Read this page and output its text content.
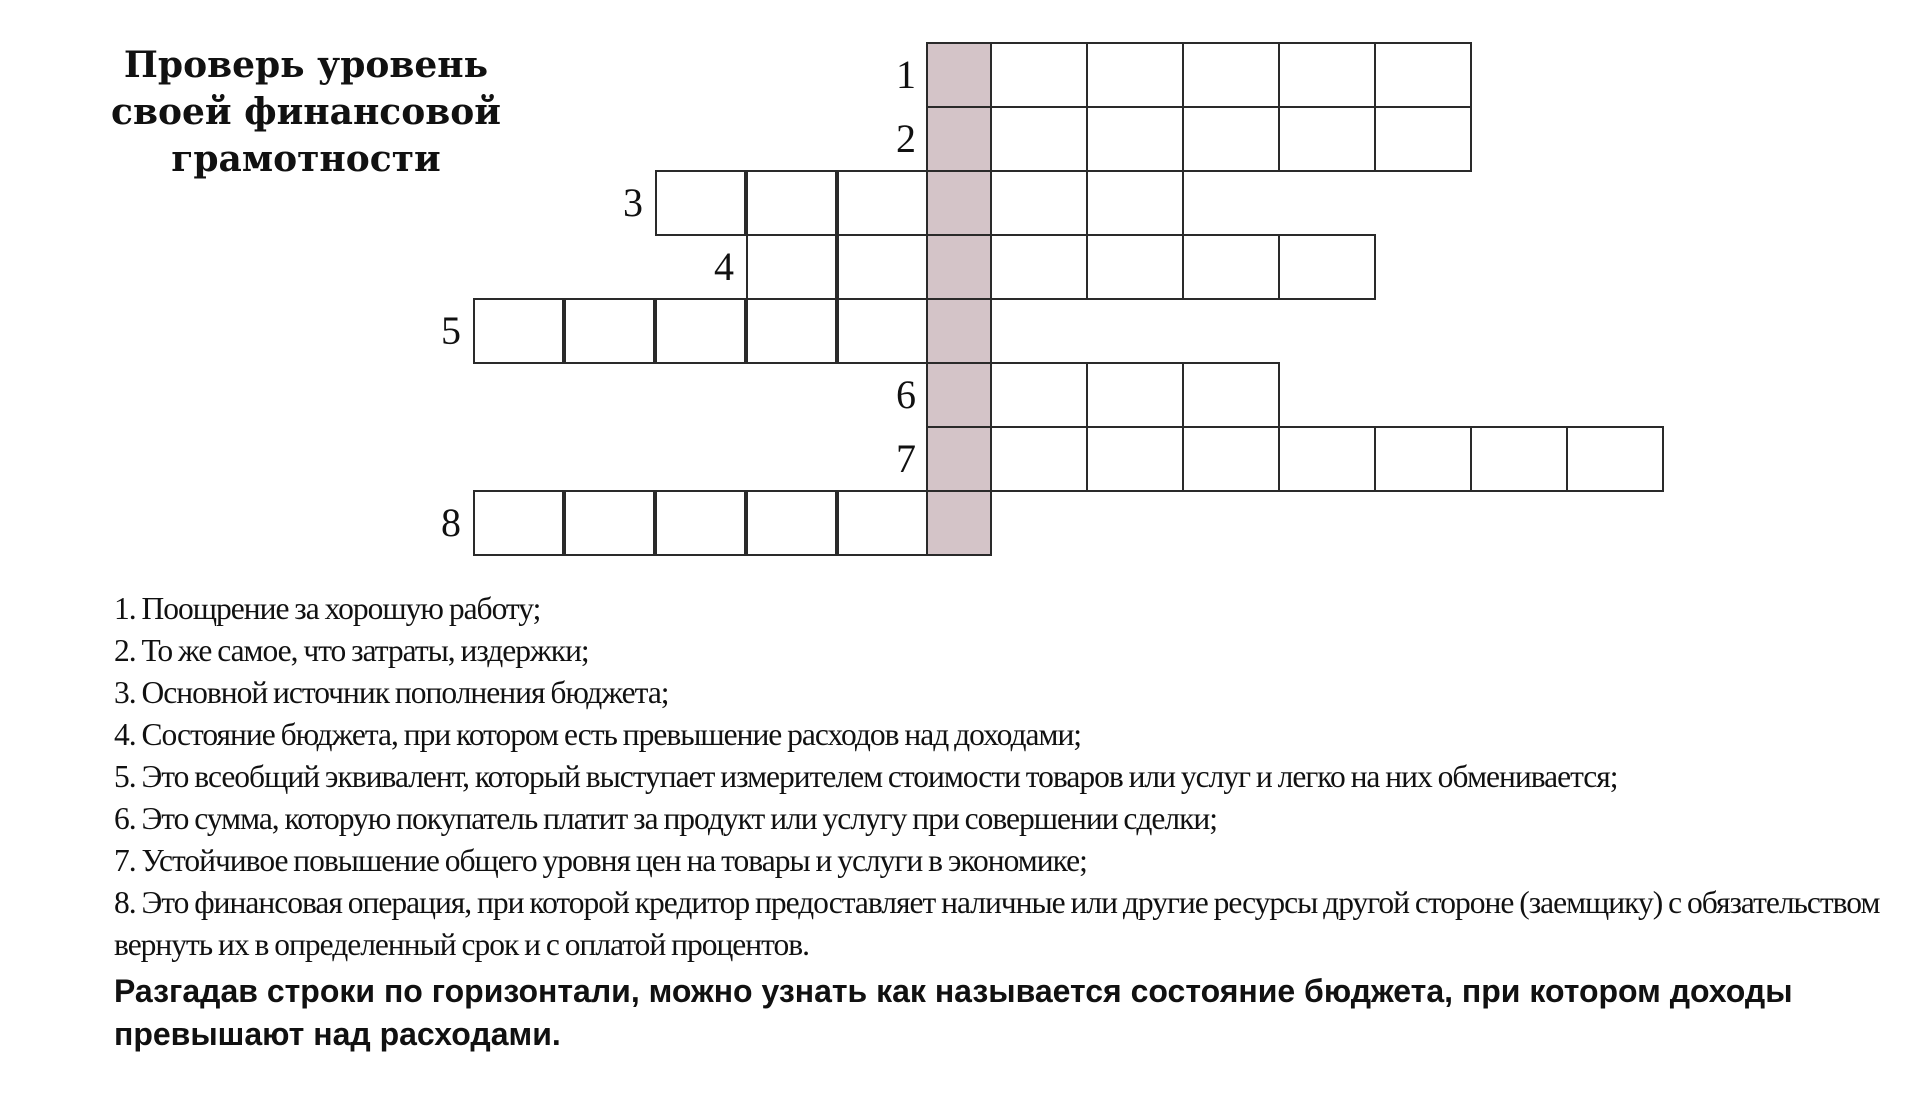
Проверь уровень
своей финансовой
грамотности
1
2
3
4
5
6
7
8
1. Поощрение за хорошую работу;
2. То же самое, что затраты, издержки;
3. Основной источник пополнения бюджета;
4. Состояние бюджета, при котором есть превышение расходов над доходами;
5. Это всеобщий эквивалент, который выступает измерителем стоимости товаров или услуг и легко на них обменивается;
6. Это сумма, которую покупатель платит за продукт или услугу при совершении сделки;
7. Устойчивое повышение общего уровня цен на товары и услуги в экономике;
8. Это финансовая операция, при которой кредитор предоставляет наличные или другие ресурсы другой стороне (заемщику) с обязательством вернуть их в определенный срок и с оплатой процентов.
Разгадав строки по горизонтали, можно узнать как называется состояние бюджета, при котором доходы превышают над расходами.
